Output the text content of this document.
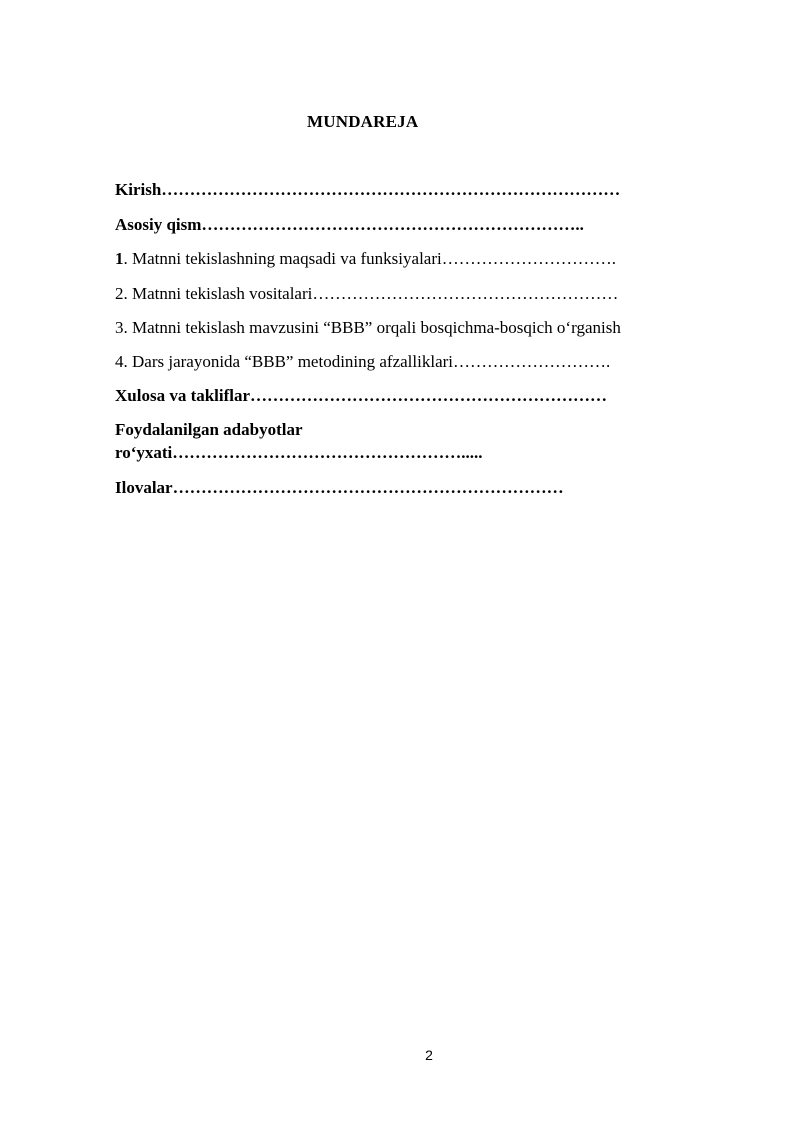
MUNDAREJA
Kirish………………………………………………………………………
Asosiy qism…………………………………………………………..
1. Matnni tekislashning maqsadi va funksiyalari………………………….
2. Matnni tekislash vositalari………………………………………………
3. Matnni tekislash mavzusini “BBB” orqali bosqichma-bosqich o‘rganish
4. Dars jarayonida “BBB” metodining afzalliklari……………………….
Xulosa va takliflar………………………………………………………
Foydalanilgan adabyotlar
ro‘yxati…………………………………………….....
Ilovalar……………………………………………………………
2
